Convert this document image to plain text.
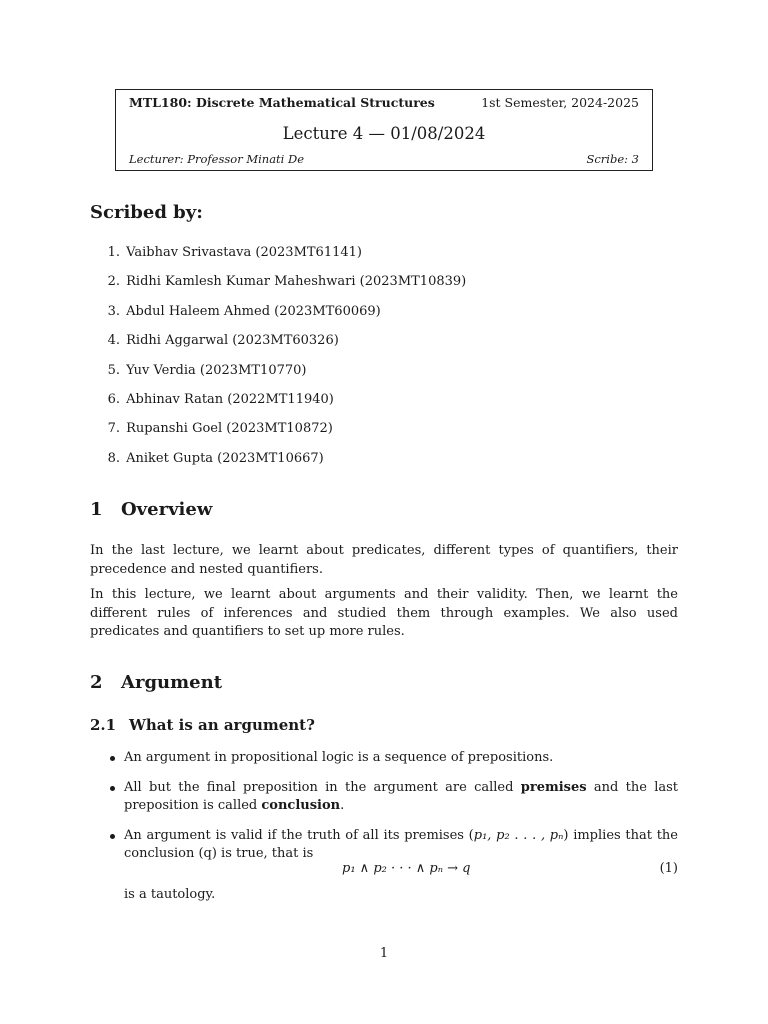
MTL180: Discrete Mathematical Structures	1st Semester, 2024-2025
Lecture 4 — 01/08/2024
Lecturer: Professor Minati De	Scribe: 3
Scribed by:
1.
Vaibhav Srivastava (2023MT61141)
2.
Ridhi Kamlesh Kumar Maheshwari (2023MT10839)
3.
Abdul Haleem Ahmed (2023MT60069)
4.
Ridhi Aggarwal (2023MT60326)
5.
Yuv Verdia (2023MT10770)
6.
Abhinav Ratan (2022MT11940)
7.
Rupanshi Goel (2023MT10872)
8.
Aniket Gupta (2023MT10667)
1	Overview

In the last lecture, we learnt about predicates, different types of quantifiers, their precedence and nested quantifiers.

In this lecture, we learnt about arguments and their validity. Then, we learnt the different rules of inferences and studied them through examples. We also used predicates and quantifiers to set up more rules.

2	Argument
2.1 What is an argument?
An argument in propositional logic is a sequence of prepositions.
All but the final preposition in the argument are called premises and the last preposition is called conclusion.
An argument is valid if the truth of all its premises (p₁, p₂ . . . , pₙ) implies that the conclusion (q) is true, that is
p₁ ∧ p₂ · · · ∧ pₙ → q	(1)

is a tautology.

1
